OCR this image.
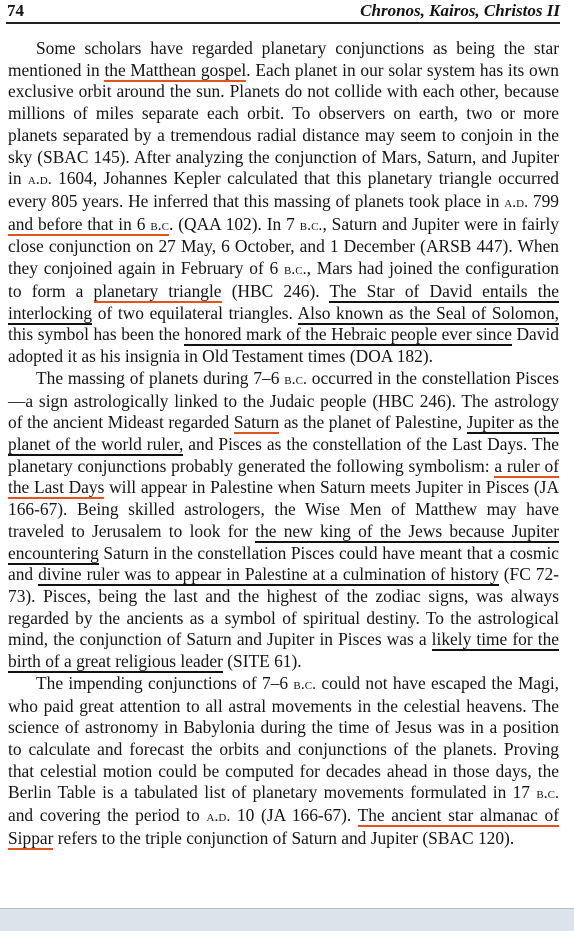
74	Chronos, Kairos, Christos II

Some scholars have regarded planetary conjunctions as being the star mentioned in the Matthean gospel. Each planet in our solar system has its own exclusive orbit around the sun. Planets do not collide with each other, because millions of miles separate each orbit. To observers on earth, two or more planets separated by a tremendous radial distance may seem to conjoin in the sky (SBAC 145). After analyzing the conjunction of Mars, Saturn, and Jupiter in a.d. 1604, Johannes Kepler calculated that this planetary triangle occurred every 805 years. He inferred that this massing of planets took place in a.d. 799 and before that in 6 b.c. (QAA 102). In 7 b.c., Saturn and Jupiter were in fairly close conjunction on 27 May, 6 October, and 1 December (ARSB 447). When they conjoined again in February of 6 b.c., Mars had joined the configuration to form a planetary triangle (HBC 246). The Star of David entails the interlocking of two equilateral triangles. Also known as the Seal of Solomon, this symbol has been the honored mark of the Hebraic people ever since David adopted it as his insignia in Old Testament times (DOA 182).

The massing of planets during 7–6 b.c. occurred in the constellation Pisces—a sign astrologically linked to the Judaic people (HBC 246). The astrology of the ancient Mideast regarded Saturn as the planet of Palestine, Jupiter as the planet of the world ruler, and Pisces as the constellation of the Last Days. The planetary conjunctions probably generated the following symbolism: a ruler of the Last Days will appear in Palestine when Saturn meets Jupiter in Pisces (JA 166-67). Being skilled astrologers, the Wise Men of Matthew may have traveled to Jerusalem to look for the new king of the Jews because Jupiter encountering Saturn in the constellation Pisces could have meant that a cosmic and divine ruler was to appear in Palestine at a culmination of history (FC 72-73). Pisces, being the last and the highest of the zodiac signs, was always regarded by the ancients as a symbol of spiritual destiny. To the astrological mind, the conjunction of Saturn and Jupiter in Pisces was a likely time for the birth of a great religious leader (SITE 61).

The impending conjunctions of 7–6 b.c. could not have escaped the Magi, who paid great attention to all astral movements in the celestial heavens. The science of astronomy in Babylonia during the time of Jesus was in a position to calculate and forecast the orbits and conjunctions of the planets. Proving that celestial motion could be computed for decades ahead in those days, the Berlin Table is a tabulated list of planetary movements formulated in 17 b.c. and covering the period to a.d. 10 (JA 166-67). The ancient star almanac of Sippar refers to the triple conjunction of Saturn and Jupiter (SBAC 120).
